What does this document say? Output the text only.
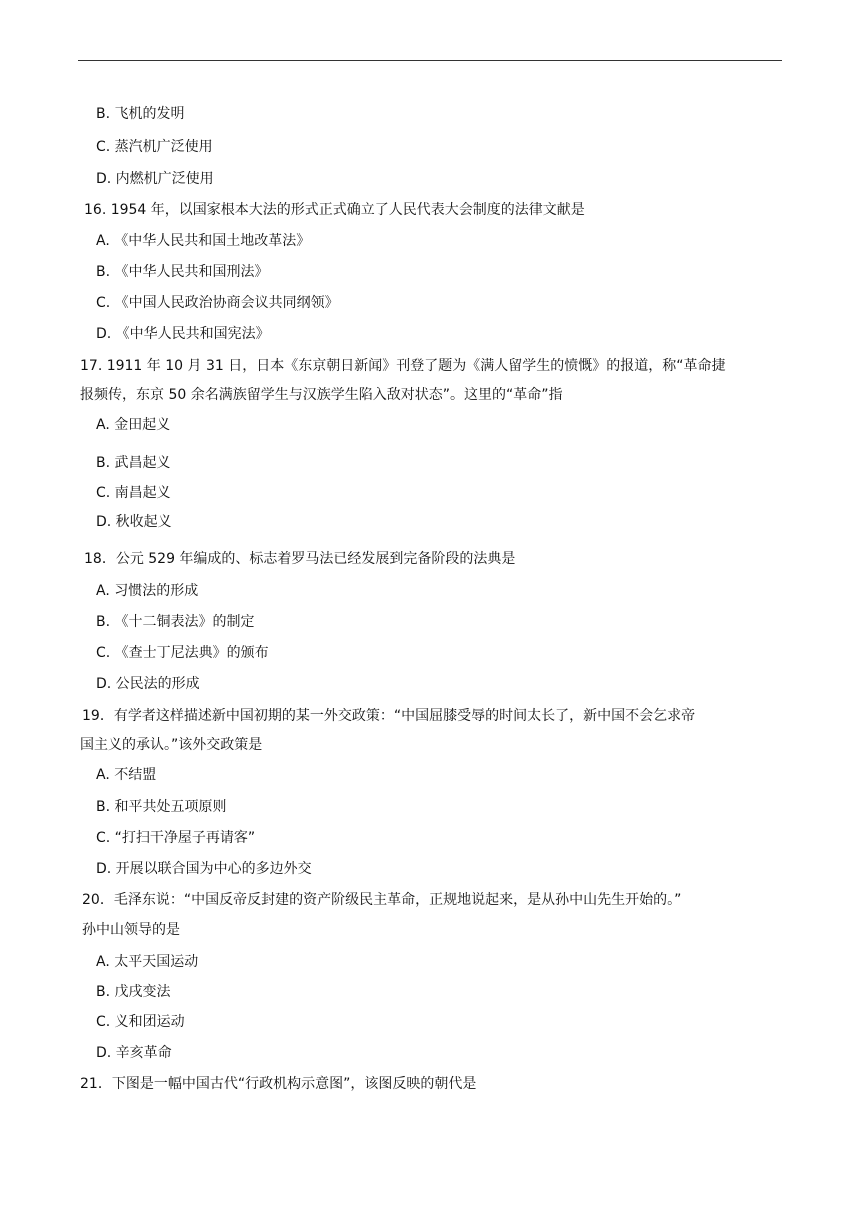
B. 飞机的发明
C. 蒸汽机广泛使用
D. 内燃机广泛使用
16. 1954 年，以国家根本大法的形式正式确立了人民代表大会制度的法律文献是
A. 《中华人民共和国土地改革法》
B. 《中华人民共和国刑法》
C. 《中国人民政治协商会议共同纲领》
D. 《中华人民共和国宪法》
17. 1911 年 10 月 31 日，日本《东京朝日新闻》刊登了题为《满人留学生的愤慨》的报道，称“革命捷
报频传，东京 50 余名满族留学生与汉族学生陷入敌对状态”。这里的“革命”指
A. 金田起义
B. 武昌起义
C. 南昌起义
D. 秋收起义
18．公元 529 年编成的、标志着罗马法已经发展到完备阶段的法典是
A. 习惯法的形成
B. 《十二铜表法》的制定
C. 《查士丁尼法典》的颁布
D. 公民法的形成
19．有学者这样描述新中国初期的某一外交政策：“中国屈膝受辱的时间太长了，新中国不会乞求帝
国主义的承认。”该外交政策是
A. 不结盟
B. 和平共处五项原则
C. “打扫干净屋子再请客”
D. 开展以联合国为中心的多边外交
20．毛泽东说：“中国反帝反封建的资产阶级民主革命，正规地说起来，是从孙中山先生开始的。”
孙中山领导的是
A. 太平天国运动
B. 戊戌变法
C. 义和团运动
D. 辛亥革命
21．下图是一幅中国古代“行政机构示意图”，该图反映的朝代是
